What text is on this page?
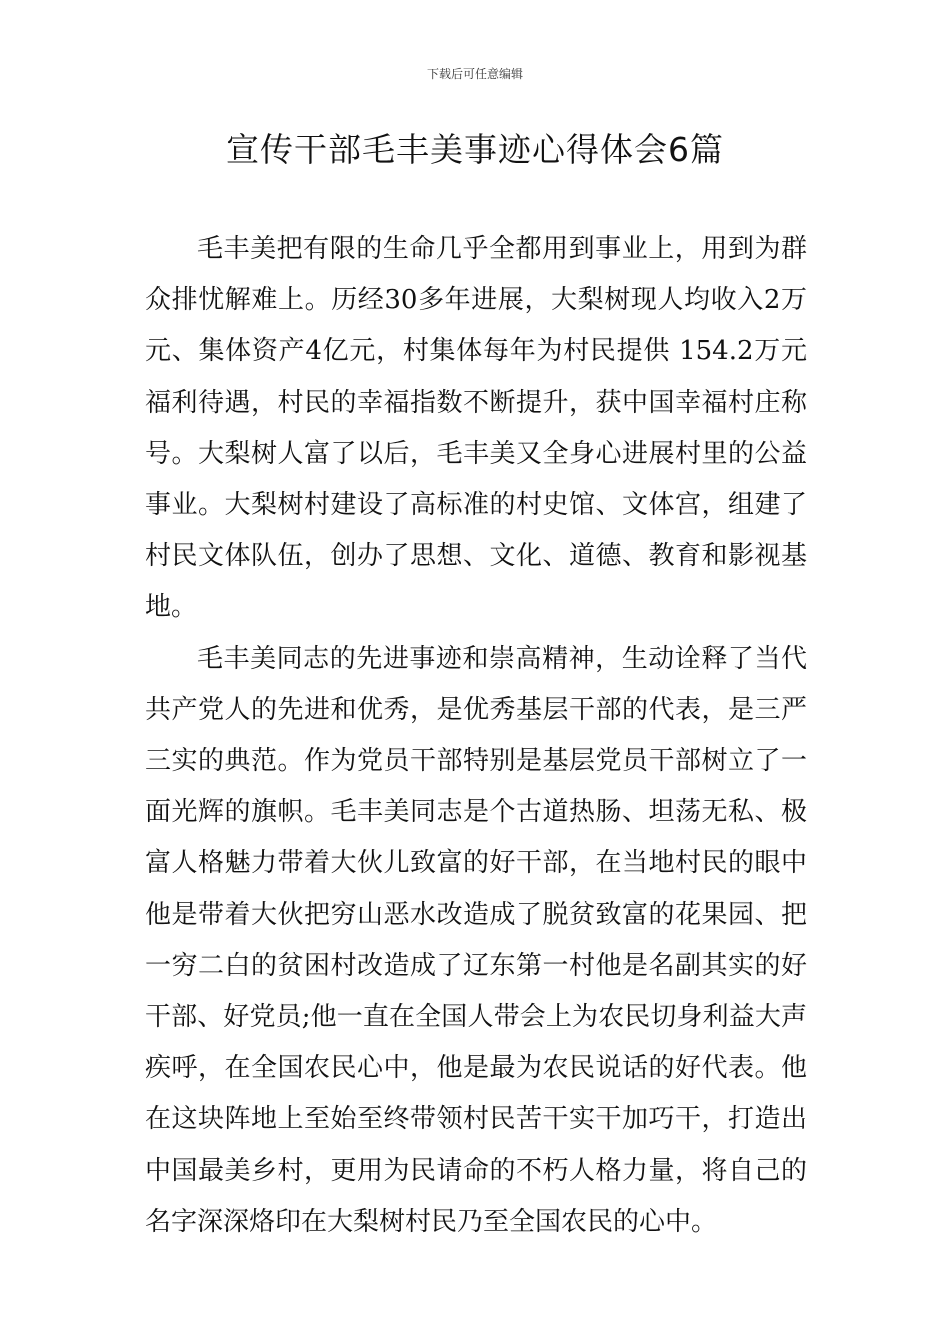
下载后可任意编辑
宣传干部毛丰美事迹心得体会6篇

毛丰美把有限的生命几乎全都用到事业上，用到为群众排忧解难上。历经30多年进展，大梨树现人均收入2万元、集体资产4亿元，村集体每年为村民提供 154.2万元福利待遇，村民的幸福指数不断提升，获中国幸福村庄称号。大梨树人富了以后，毛丰美又全身心进展村里的公益事业。大梨树村建设了高标准的村史馆、文体宫，组建了村民文体队伍，创办了思想、文化、道德、教育和影视基地。

毛丰美同志的先进事迹和崇高精神，生动诠释了当代共产党人的先进和优秀，是优秀基层干部的代表，是三严三实的典范。作为党员干部特别是基层党员干部树立了一面光辉的旗帜。毛丰美同志是个古道热肠、坦荡无私、极富人格魅力带着大伙儿致富的好干部，在当地村民的眼中他是带着大伙把穷山恶水改造成了脱贫致富的花果园、把一穷二白的贫困村改造成了辽东第一村他是名副其实的好干部、好党员;他一直在全国人带会上为农民切身利益大声疾呼，在全国农民心中，他是最为农民说话的好代表。他在这块阵地上至始至终带领村民苦干实干加巧干，打造出中国最美乡村，更用为民请命的不朽人格力量，将自己的名字深深烙印在大梨树村民乃至全国农民的心中。
